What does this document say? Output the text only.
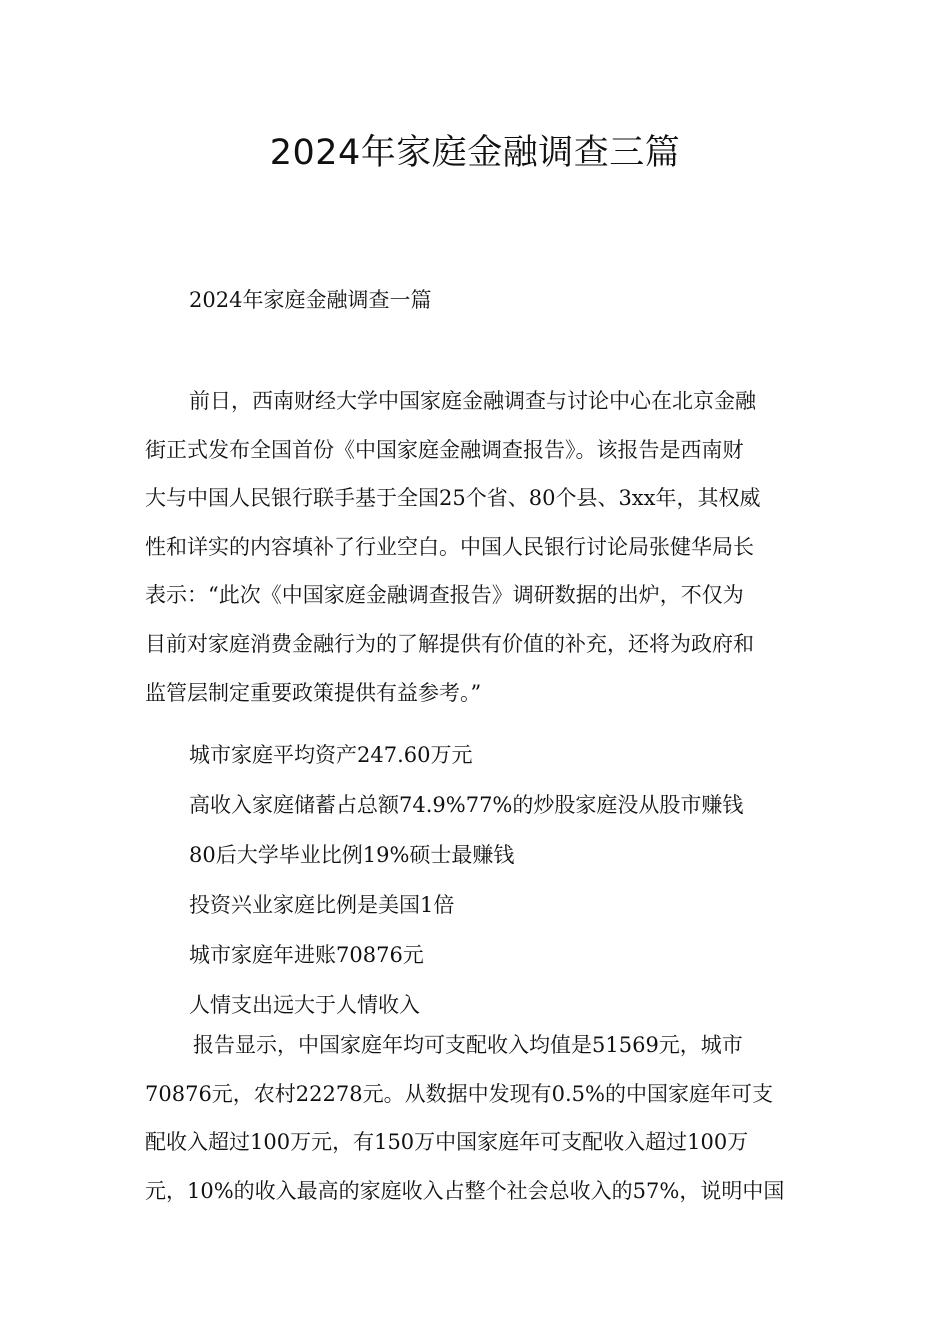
2024年家庭金融调查三篇

2024年家庭金融调查一篇

前日，西南财经大学中国家庭金融调查与讨论中心在北京金融
街正式发布全国首份《中国家庭金融调查报告》。该报告是西南财
大与中国人民银行联手基于全国25个省、80个县、3xx年，其权威
性和详实的内容填补了行业空白。中国人民银行讨论局张健华局长
表示：“此次《中国家庭金融调查报告》调研数据的出炉，不仅为
目前对家庭消费金融行为的了解提供有价值的补充，还将为政府和
监管层制定重要政策提供有益参考。”

城市家庭平均资产247.60万元
高收入家庭储蓄占总额74.9%77%的炒股家庭没从股市赚钱
80后大学毕业比例19%硕士最赚钱
投资兴业家庭比例是美国1倍
城市家庭年进账70876元
人情支出远大于人情收入

报告显示，中国家庭年均可支配收入均值是51569元，城市
70876元，农村22278元。从数据中发现有0.5%的中国家庭年可支
配收入超过100万元，有150万中国家庭年可支配收入超过100万
元，10%的收入最高的家庭收入占整个社会总收入的57%，说明中国
